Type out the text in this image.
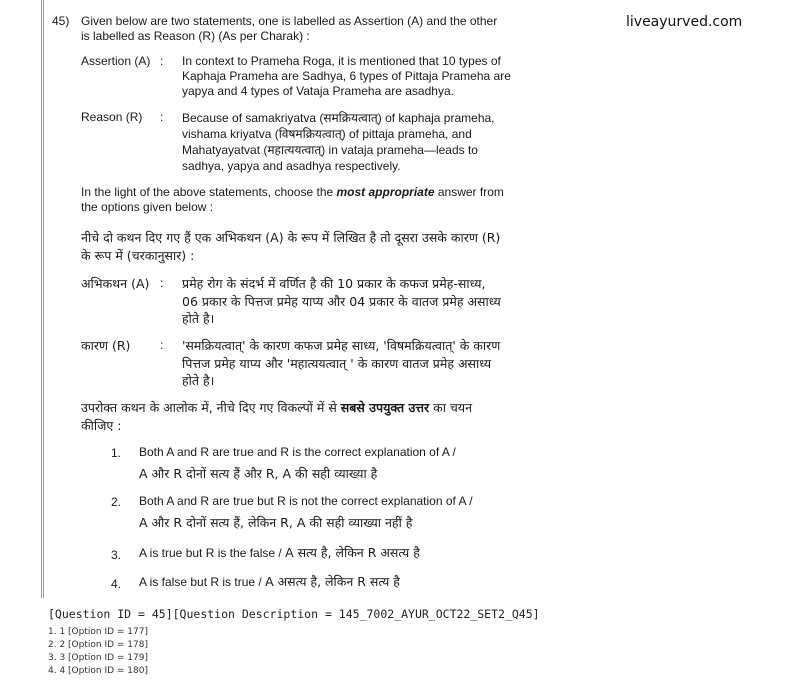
liveayurved.com
45) Given below are two statements, one is labelled as Assertion (A) and the other
is labelled as Reason (R) (As per Charak) :
Assertion (A) : In context to Prameha Roga, it is mentioned that 10 types of
Kaphaja Prameha are Sadhya, 6 types of Pittaja Prameha are
yapya and 4 types of Vataja Prameha are asadhya.
Reason (R) : Because of samakriyatva (समक्रियत्वात्) of kaphaja prameha,
vishama kriyatva (विषमक्रियत्वात्) of pittaja prameha, and
Mahatyayatvat (महात्ययत्वात्) in vataja prameha—leads to
sadhya, yapya and asadhya respectively.
In the light of the above statements, choose the most appropriate answer from
the options given below :
नीचे दो कथन दिए गए हैं एक अभिकथन (A) के रूप में लिखित है तो दूसरा उसके कारण (R)
के रूप में (चरकानुसार) :
अभिकथन (A) : प्रमेह रोग के संदर्भ में वर्णित है की 10 प्रकार के कफज प्रमेह-साध्य,
06 प्रकार के पित्तज प्रमेह याप्य और 04 प्रकार के वातज प्रमेह असाध्य
होते है।
कारण (R) : 'समक्रियत्वात्' के कारण कफज प्रमेह साध्य, 'विषमक्रियत्वात्' के कारण
पित्तज प्रमेह याप्य और 'महात्ययत्वात् ' के कारण वातज प्रमेह असाध्य
होते है।
उपरोक्त कथन के आलोक में, नीचे दिए गए विकल्पों में से सबसे उपयुक्त उत्तर का चयन
कीजिए :
1. Both A and R are true and R is the correct explanation of A /
A और R दोनों सत्य हैं और R, A की सही व्याख्या है
2. Both A and R are true but R is not the correct explanation of A /
A और R दोनों सत्य हैं, लेकिन R, A की सही व्याख्या नहीं है
3. A is true but R is the false / A सत्य है, लेकिन R असत्य है
4. A is false but R is true / A असत्य है, लेकिन R सत्य है
[Question ID = 45][Question Description = 145_7002_AYUR_OCT22_SET2_Q45]
1. 1 [Option ID = 177]
2. 2 [Option ID = 178]
3. 3 [Option ID = 179]
4. 4 [Option ID = 180]
